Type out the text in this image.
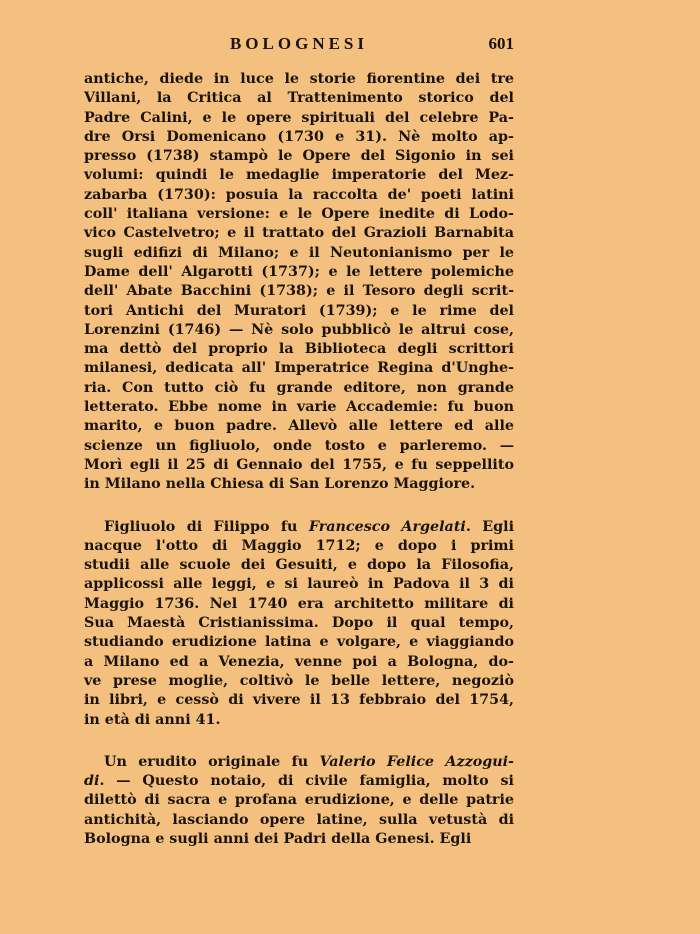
BOLOGNESI	601
antiche, diede in luce le storie fiorentine dei tre
Villani, la Critica al Trattenimento storico del
Padre Calini, e le opere spirituali del celebre Pa-
dre Orsi Domenicano (1730 e 31). Nè molto ap-
presso (1738) stampò le Opere del Sigonio in sei
volumi: quindi le medaglie imperatorie del Mez-
zabarba (1730): posuia la raccolta de' poeti latini
coll' italiana versione: e le Opere inedite di Lodo-
vico Castelvetro; e il trattato del Grazioli Barnabita
sugli edifizi di Milano; e il Neutonianismo per le
Dame dell' Algarotti (1737); e le lettere polemiche
dell' Abate Bacchini (1738); e il Tesoro degli scrit-
tori Antichi del Muratori (1739); e le rime del
Lorenzini (1746) — Nè solo pubblicò le altrui cose,
ma dettò del proprio la Biblioteca degli scrittori
milanesi, dedicata all' Imperatrice Regina d'Unghe-
ria. Con tutto ciò fu grande editore, non grande
letterato. Ebbe nome in varie Accademie: fu buon
marito, e buon padre. Allevò alle lettere ed alle
scienze un figliuolo, onde tosto e parleremo. —
Morì egli il 25 di Gennaio del 1755, e fu seppellito
in Milano nella Chiesa di San Lorenzo Maggiore.
Figliuolo di Filippo fu Francesco Argelati. Egli
nacque l'otto di Maggio 1712; e dopo i primi
studii alle scuole dei Gesuiti, e dopo la Filosofia,
applicossi alle leggi, e si laureò in Padova il 3 di
Maggio 1736. Nel 1740 era architetto militare di
Sua Maestà Cristianissima. Dopo il qual tempo,
studiando erudizione latina e volgare, e viaggiando
a Milano ed a Venezia, venne poi a Bologna, do-
ve prese moglie, coltivò le belle lettere, negoziò
in libri, e cessò di vivere il 13 febbraio del 1754,
in età di anni 41.
Un erudito originale fu Valerio Felice Azzogui-
di. — Questo notaio, di civile famiglia, molto si
dilettò di sacra e profana erudizione, e delle patrie
antichità, lasciando opere latine, sulla vetustà di
Bologna e sugli anni dei Padri della Genesi. Egli
